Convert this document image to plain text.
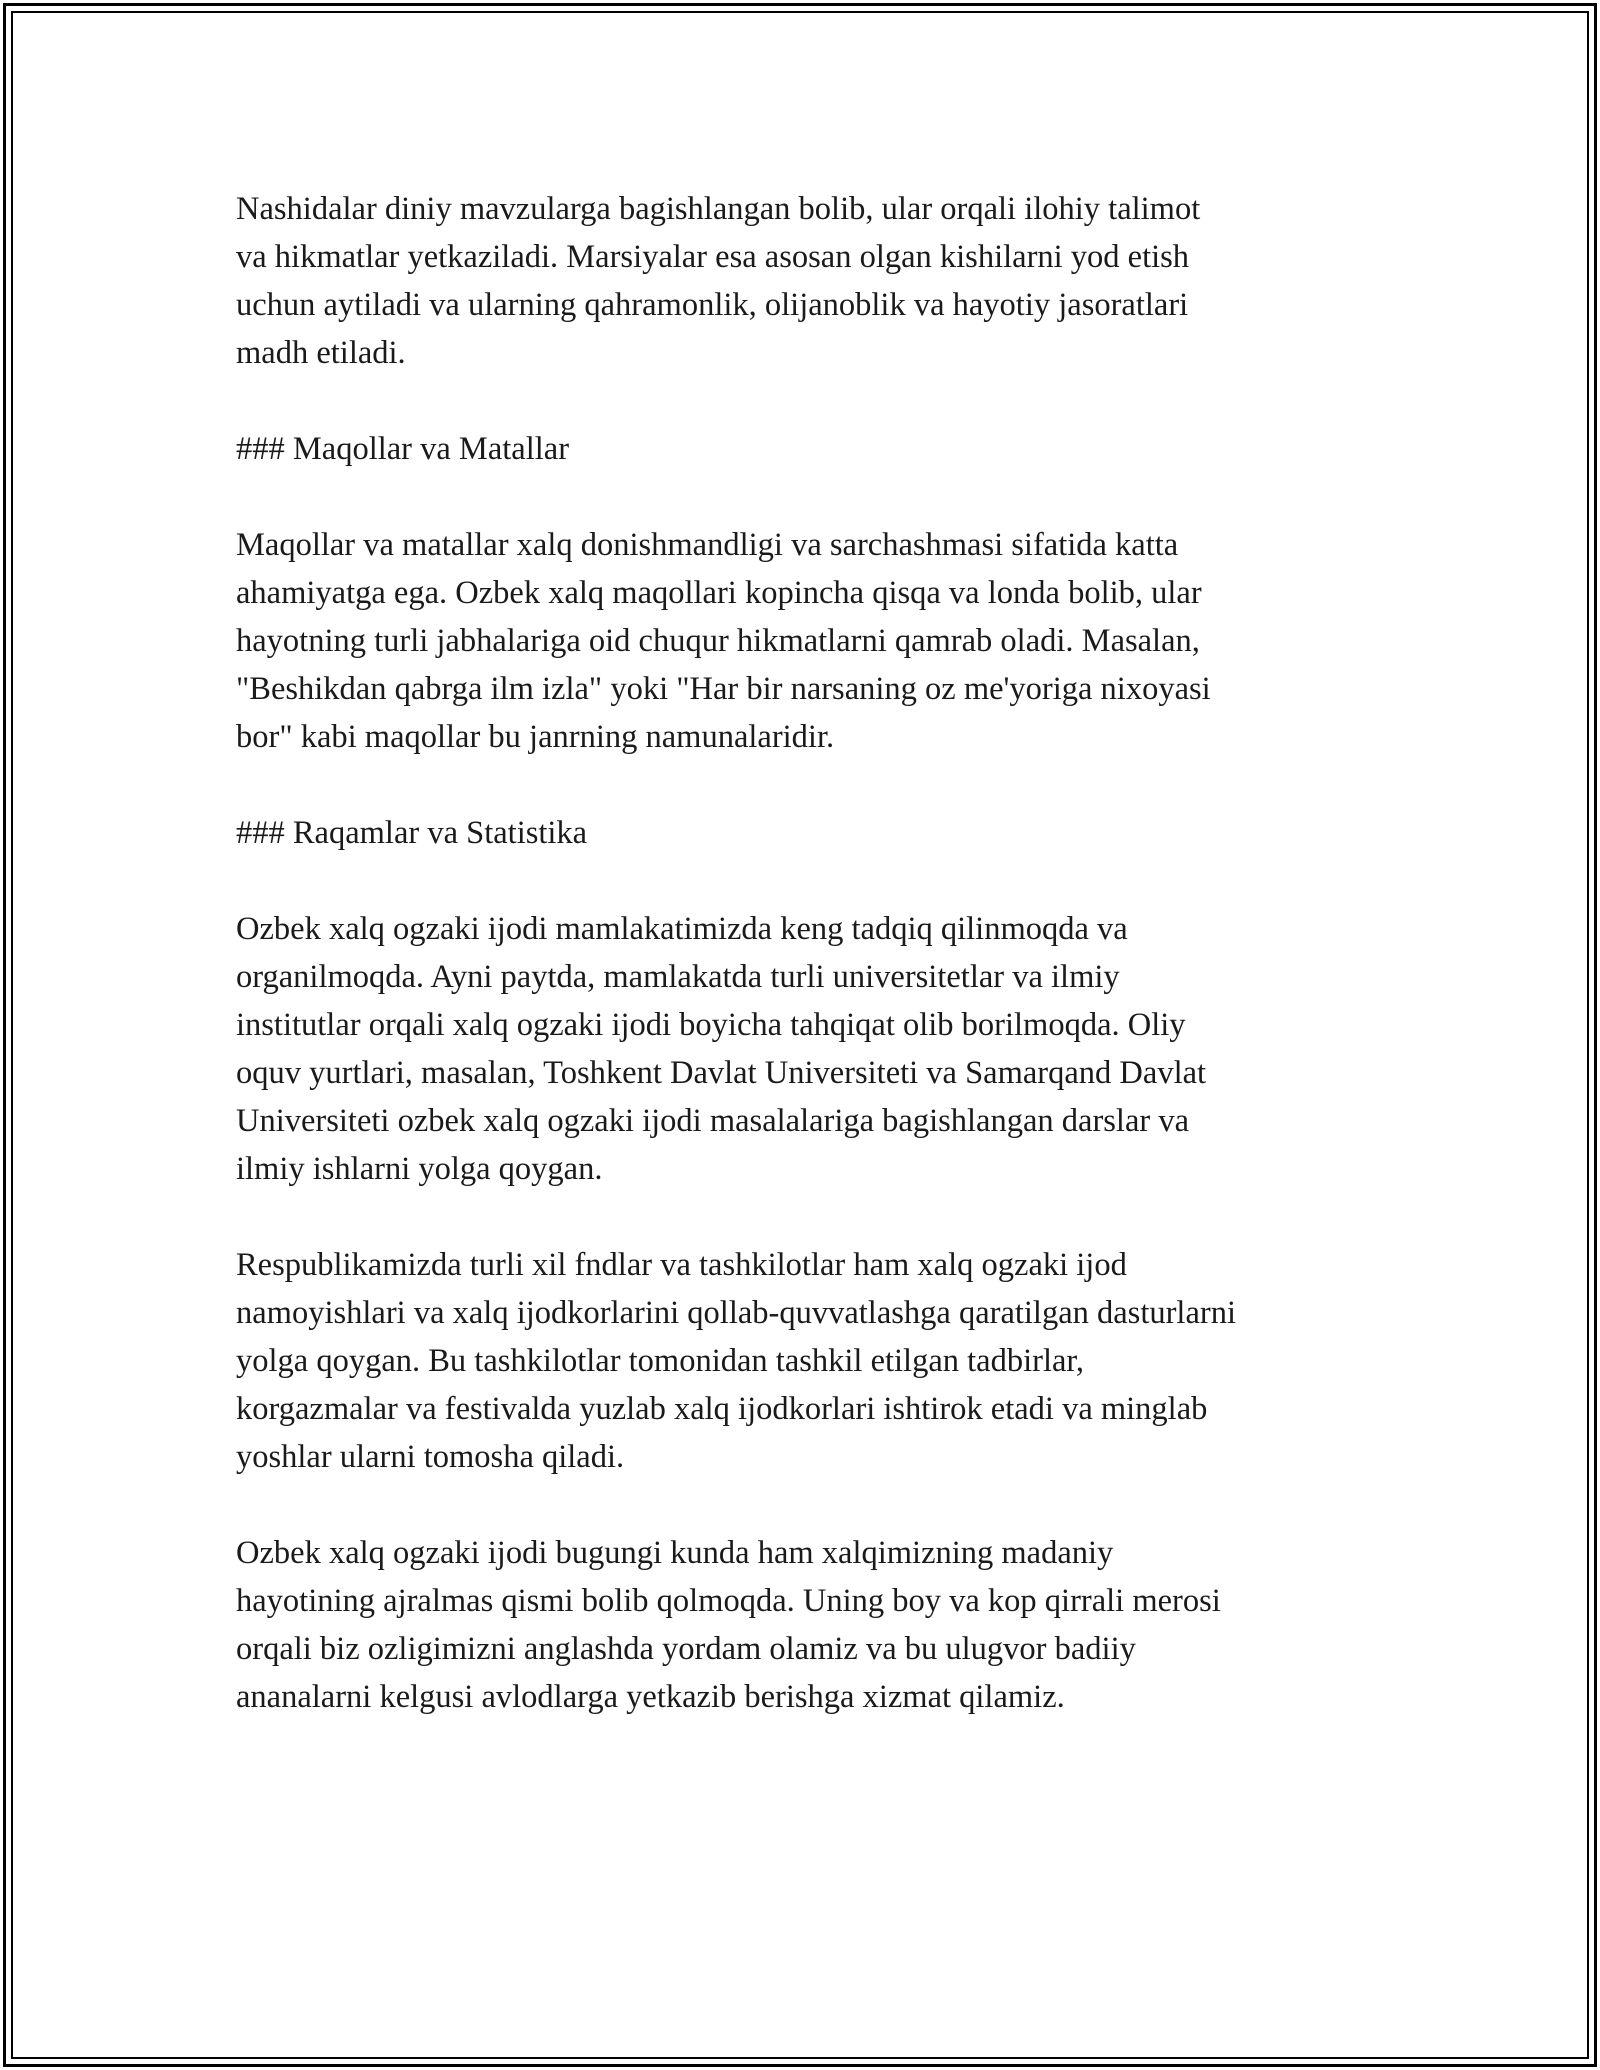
Nashidalar diniy mavzularga bagishlangan bolib, ular orqali ilohiy talimot
va hikmatlar yetkaziladi. Marsiyalar esa asosan olgan kishilarni yod etish
uchun aytiladi va ularning qahramonlik, olijanoblik va hayotiy jasoratlari
madh etiladi.
### Maqollar va Matallar
Maqollar va matallar xalq donishmandligi va sarchashmasi sifatida katta
ahamiyatga ega. Ozbek xalq maqollari kopincha qisqa va londa bolib, ular
hayotning turli jabhalariga oid chuqur hikmatlarni qamrab oladi. Masalan,
"Beshikdan qabrga ilm izla" yoki "Har bir narsaning oz me'yoriga nixoyasi
bor" kabi maqollar bu janrning namunalaridir.
### Raqamlar va Statistika
Ozbek xalq ogzaki ijodi mamlakatimizda keng tadqiq qilinmoqda va
organilmoqda. Ayni paytda, mamlakatda turli universitetlar va ilmiy
institutlar orqali xalq ogzaki ijodi boyicha tahqiqat olib borilmoqda. Oliy
oquv yurtlari, masalan, Toshkent Davlat Universiteti va Samarqand Davlat
Universiteti ozbek xalq ogzaki ijodi masalalariga bagishlangan darslar va
ilmiy ishlarni yolga qoygan.
Respublikamizda turli xil fndlar va tashkilotlar ham xalq ogzaki ijod
namoyishlari va xalq ijodkorlarini qollab-quvvatlashga qaratilgan dasturlarni
yolga qoygan. Bu tashkilotlar tomonidan tashkil etilgan tadbirlar,
korgazmalar va festivalda yuzlab xalq ijodkorlari ishtirok etadi va minglab
yoshlar ularni tomosha qiladi.
Ozbek xalq ogzaki ijodi bugungi kunda ham xalqimizning madaniy
hayotining ajralmas qismi bolib qolmoqda. Uning boy va kop qirrali merosi
orqali biz ozligimizni anglashda yordam olamiz va bu ulugvor badiiy
ananalarni kelgusi avlodlarga yetkazib berishga xizmat qilamiz.
